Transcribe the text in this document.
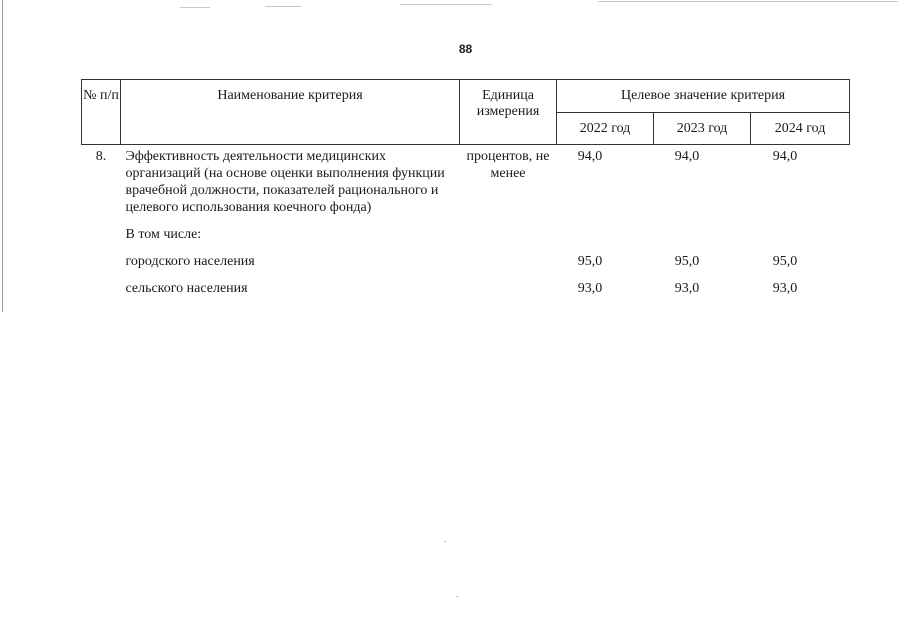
88
№ п/п	Наименование критерия	Единица измерения	Целевое значение критерия		
			2022 год	2023 год	2024 год
8.	Эффективность деятельности медицинских организаций (на основе оценки выполнения функции врачебной должности, показателей рационального и целевого использования коечного фонда)	процентов, не менее	94,0	94,0	94,0
	В том числе:				
	городского населения		95,0	95,0	95,0
	сельского населения		93,0	93,0	93,0
